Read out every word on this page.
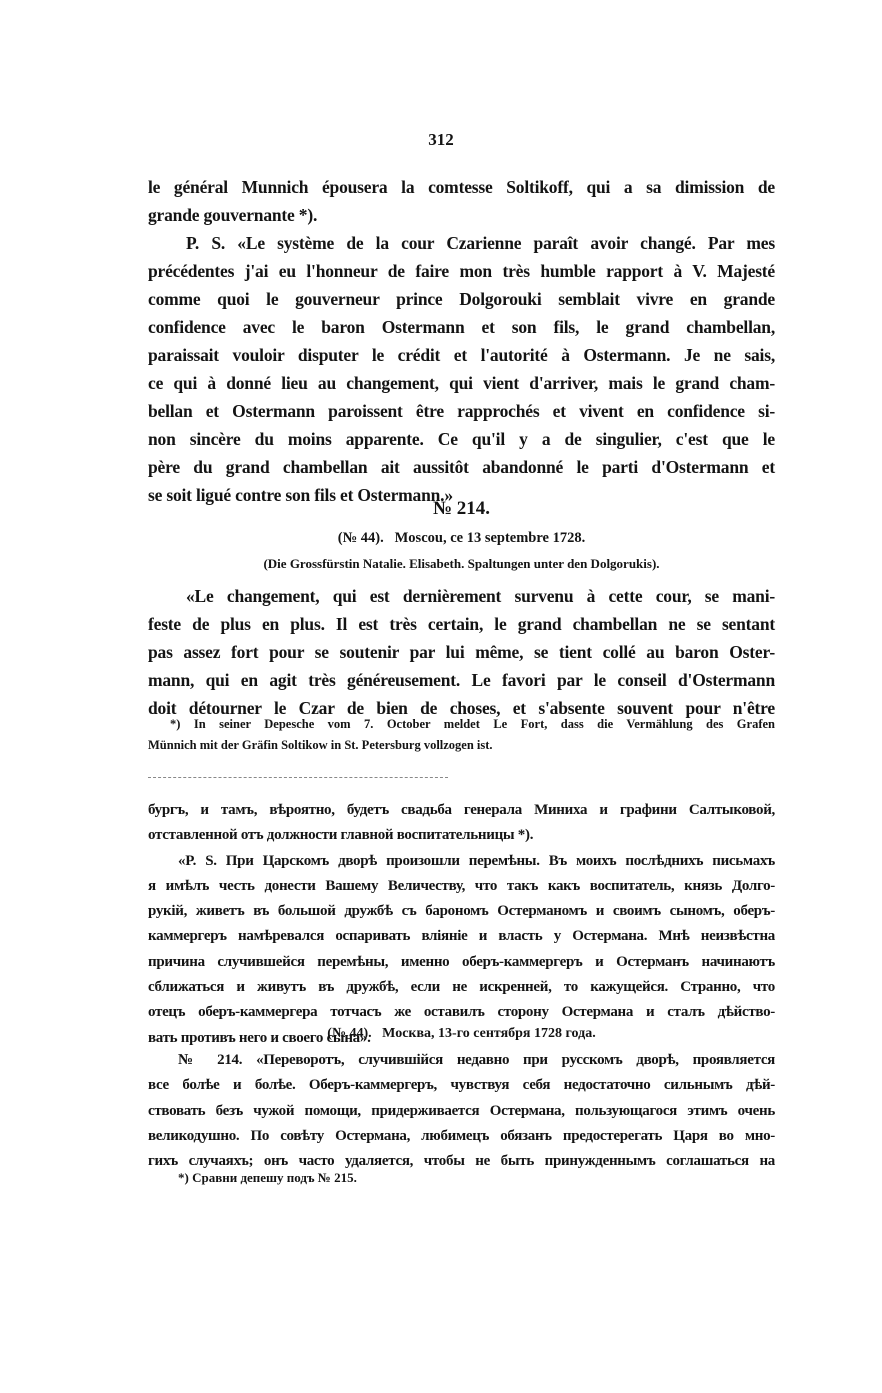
312
le général Munnich épousera la comtesse Soltikoff, qui a sa dimission de
grande gouvernante *).
P. S. «Le système de la cour Czarienne paraît avoir changé. Par mes
précédentes j'ai eu l'honneur de faire mon très humble rapport à V. Majesté
comme quoi le gouverneur prince Dolgorouki semblait vivre en grande
confidence avec le baron Ostermann et son fils, le grand chambellan,
paraissait vouloir disputer le crédit et l'autorité à Ostermann. Je ne sais,
ce qui à donné lieu au changement, qui vient d'arriver, mais le grand cham-
bellan et Ostermann paroissent être rapprochés et vivent en confidence si-
non sincère du moins apparente. Ce qu'il y a de singulier, c'est que le
père du grand chambellan ait aussitôt abandonné le parti d'Ostermann et
se soit ligué contre son fils et Ostermann.»
№ 214.
(№ 44).   Moscou, ce 13 septembre 1728.
(Die Grossfürstin Natalie. Elisabeth. Spaltungen unter den Dolgorukis).
«Le changement, qui est dernièrement survenu à cette cour, se mani-
feste de plus en plus. Il est très certain, le grand chambellan ne se sentant
pas assez fort pour se soutenir par lui même, se tient collé au baron Oster-
mann, qui en agit très généreusement. Le favori par le conseil d'Ostermann
doit détourner le Czar de bien de choses, et s'absente souvent pour n'être
*) In seiner Depesche vom 7. October meldet Le Fort, dass die Vermählung des Grafen
Münnich mit der Gräfin Soltikow in St. Petersburg vollzogen ist.
бургъ, и тамъ, вѣроятно, будетъ свадьба генерала Миниха и графини Салтыковой,
отставленной отъ должности главной воспитательницы *).
«P. S. При Царскомъ дворѣ произошли перемѣны. Въ моихъ послѣднихъ письмахъ
я имѣлъ честь донести Вашему Величеству, что такъ какъ воспитатель, князь Долго-
рукій, живетъ въ большой дружбѣ съ барономъ Остерманомъ и своимъ сыномъ, оберъ-
каммергеръ намѣревался оспаривать вліяніе и власть у Остермана. Мнѣ неизвѣстна
причина случившейся перемѣны, именно оберъ-каммергеръ и Остерманъ начинаютъ
сближаться и живутъ въ дружбѣ, если не искренней, то кажущейся. Странно, что
отецъ оберъ-каммергера тотчасъ же оставилъ сторону Остермана и сталъ дѣйство-
вать противъ него и своего сына».
(№ 44).   Москва, 13-го сентября 1728 года.
№ 214. «Переворотъ, случившійся недавно при русскомъ дворѣ, проявляется
все болѣе и болѣе. Оберъ-каммергеръ, чувствуя себя недостаточно сильнымъ дѣй-
ствовать безъ чужой помощи, придерживается Остермана, пользующагося этимъ очень
великодушно. По совѣту Остермана, любимецъ обязанъ предостерегать Царя во мно-
гихъ случаяхъ; онъ часто удаляется, чтобы не быть принужденнымъ соглашаться на
*) Сравни депешу подъ № 215.
